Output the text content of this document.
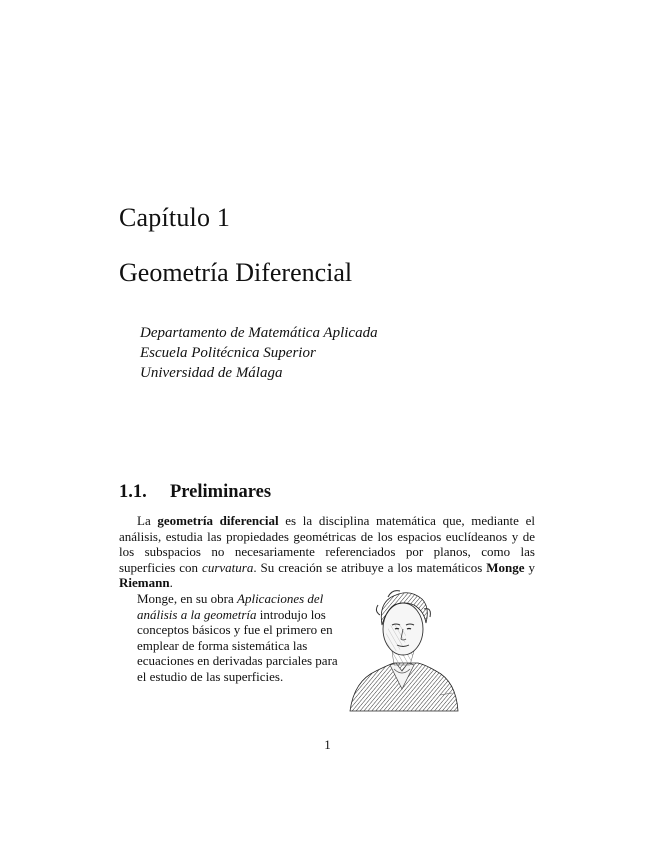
Capítulo 1
Geometría Diferencial
Departamento de Matemática Aplicada
Escuela Politécnica Superior
Universidad de Málaga
1.1. Preliminares

La geometría diferencial es la disciplina matemática que, mediante el análisis, estudia las propiedades geométricas de los espacios euclídeanos y de los subspacios no necesariamente referenciados por planos, como las superficies con curvatura. Su creación se atribuye a los matemáticos Monge y Riemann.

Monge, en su obra Aplicaciones del análisis a la geometría introdujo los conceptos básicos y fue el primero en emplear de forma sistemática las ecuaciones en derivadas parciales para el estudio de las superficies.

1
